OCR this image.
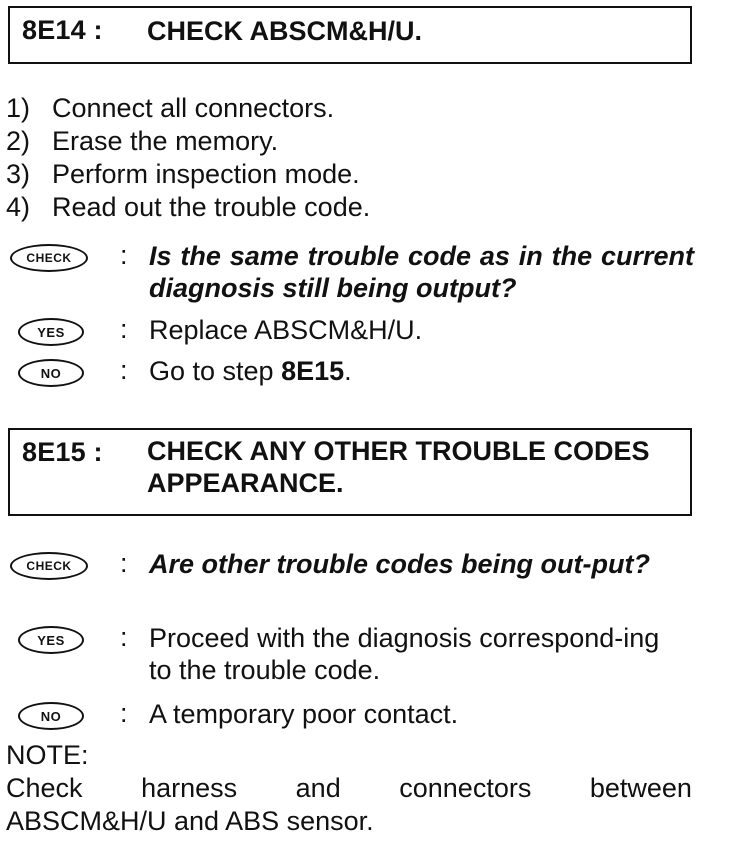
8E14 : CHECK ABSCM&H/U.
1) Connect all connectors.
2) Erase the memory.
3) Perform inspection mode.
4) Read out the trouble code.
CHECK	: Is the same trouble code as in the current diagnosis still being output?
YES	: Replace ABSCM&H/U.
NO	: Go to step 8E15.
8E15 : CHECK ANY OTHER TROUBLE CODES APPEARANCE.
CHECK	: Are other trouble codes being out-put?
YES	: Proceed with the diagnosis correspond-ing to the trouble code.
NO	: A temporary poor contact.
NOTE:
Check harness and connectors between
ABSCM&H/U and ABS sensor.
